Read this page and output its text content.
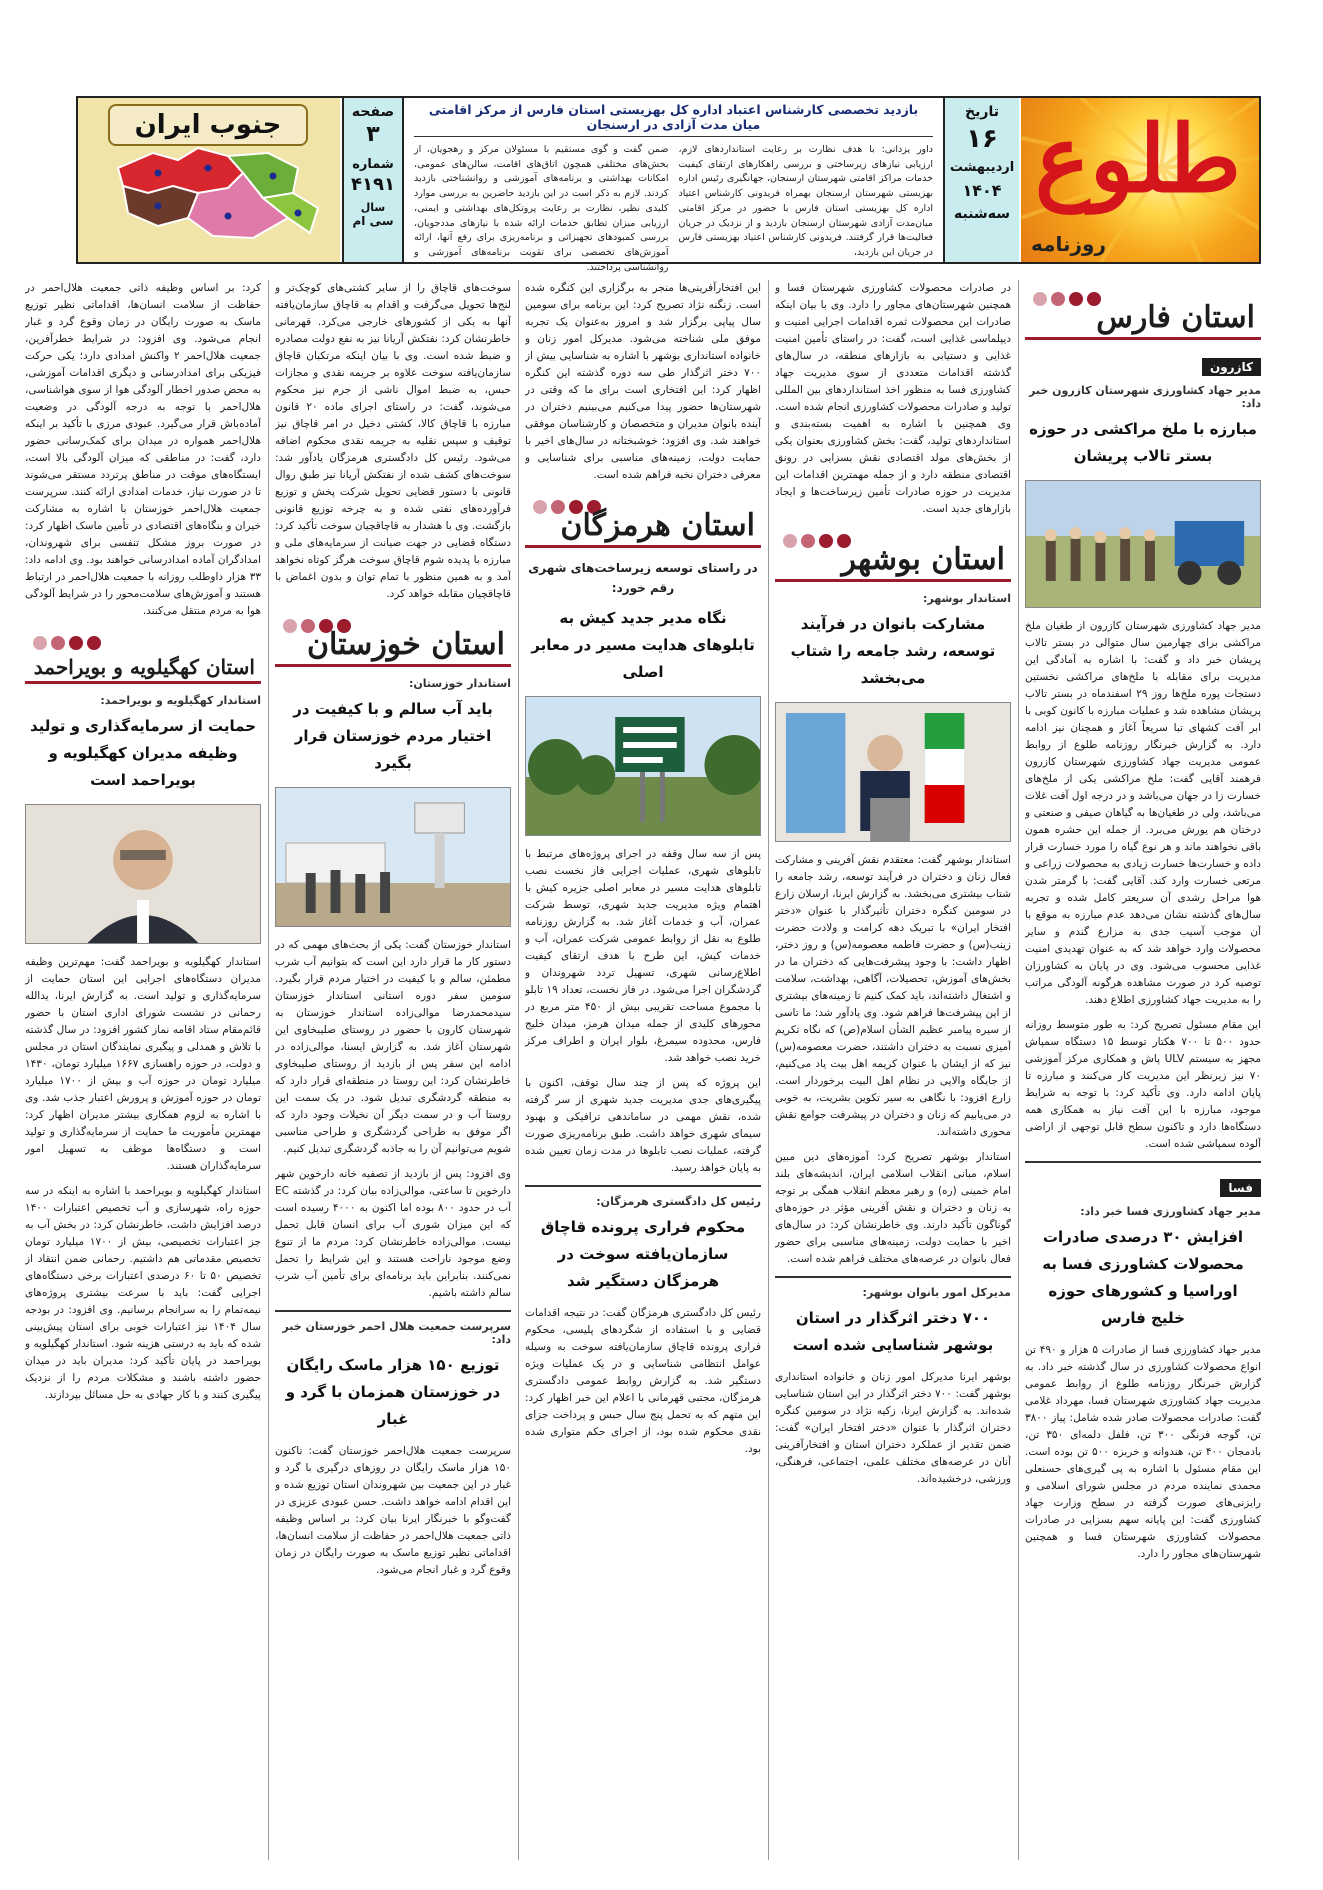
طلوع
روزنامه
تاریخ
۱۶
اردیبهشت
۱۴۰۴
سه‌شنبه
بازدید تخصصی کارشناس اعتباد اداره کل بهزیستی استان فارس از مرکز اقامتی میان مدت آزادی در ارسنجان
داور یزدانی: با هدف نظارت بر رعایت استانداردهای لازم، ارزیابی نیازهای زیرساختی و بررسی راهکارهای ارتقای کیفیت خدمات مراکز اقامتی شهرستان ارسنجان، جهانگیری رئیس اداره بهزیستی شهرستان ارسنجان بهمراه فریدونی کارشناس اعتیاد اداره کل بهزیستی استان فارس با حضور در مرکز اقامتی میان‌مدت آزادی شهرستان ارسنجان بازدید و از نزدیک در جریان فعالیت‌ها قرار گرفتند. فریدونی کارشناس اعتیاد بهزیستی فارس در جریان این بازدید،
ضمن گفت و گوی مستقیم با مسئولان مرکز و رهجویان، از بخش‌های مختلفی همچون اتاق‌های اقامت، سالن‌های عمومی، امکانات بهداشتی و برنامه‌های آموزشی و روانشناختی بازدید کردند. لازم به ذکر است در این بازدید حاضرین به بررسی موارد کلیدی نظیر، نظارت بر رعایت پروتکل‌های بهداشتی و ایمنی، ارزیابی میزان تطابق خدمات ارائه شده با نیازهای مددجویان، بررسی کمبودهای تجهیزاتی و برنامه‌ریزی برای رفع آنها، ارائه آموزش‌های تخصصی برای تقویت برنامه‌های آموزشی و روانشناسی پرداختند.
صفحه
۳
شماره
۴۱۹۱
سال
سی ام
جنوب ایران
استان فارس
کازرون
مدیر جهاد کشاورزی شهرستان کازرون خبر داد:
مبارزه با ملخ مراکشی در حوزه بستر تالاب پریشان
مدیر جهاد کشاورزی شهرستان کازرون از طغیان ملخ مراکشی برای چهارمین سال متوالی در بستر تالاب پریشان خبر داد و گفت: با اشاره به آمادگی این مدیریت برای مقابله با ملخ‌های مراکشی نخستین دستجات پوره ملخ‌ها روز ۲۹ اسفندماه در بستر تالاب پریشان مشاهده شد و عملیات مبارزه با کانون کوبی با ابر آفت کشهای تبا سریعاً آغاز و همچنان نیز ادامه دارد. به گزارش خبرنگار روزنامه طلوع از روابط عمومی مدیریت جهاد کشاورزی شهرستان کازرون فرهمند آقایی گفت: ملخ مراکشی یکی از ملخ‌های خسارت زا در جهان می‌باشد و در درجه اول آفت غلات می‌باشد، ولی در طغیان‌ها به گیاهان صیفی و صنعتی و درختان هم یورش می‌برد. از جمله این حشره همون باقی نخواهند ماند و هر نوع گیاه را مورد خسارت قرار داده و خسارت‌ها خسارت زیادی به محصولات زراعی و مرتعی خسارت وارد کند. آقایی گفت: با گرمتر شدن هوا مراحل رشدی آن سریعتر کامل شده و تجربه سال‌های گذشته نشان می‌دهد عدم مبارزه به موقع با آن موجب آسیب جدی به مزارع گندم و سایر محصولات وارد خواهد شد که به عنوان تهدیدی امنیت غذایی محسوب می‌شود. وی در پایان به کشاورزان توصیه کرد در صورت مشاهده هرگونه آلودگی مراتب را به مدیریت جهاد کشاورزی اطلاع دهند.
این مقام مسئول تصریح کرد: به طور متوسط روزانه حدود ۵۰۰ تا ۷۰۰ هکتار توسط ۱۵ دستگاه سمپاش مجهز به سیستم ULV پاش و همکاری مرکز آموزشی ۷۰ نیز زیرنظر این مدیریت کار می‌کنند و مبارزه تا پایان ادامه دارد. وی تأکید کرد: با توجه به شرایط موجود، مبارزه با این آفت نیاز به همکاری همه دستگاه‌ها دارد و تاکنون سطح قابل توجهی از اراضی آلوده سمپاشی شده است.
فسا
مدیر جهاد کشاورزی فسا خبر داد:
افزایش ۳۰ درصدی صادرات محصولات کشاورزی فسا به اوراسیا و کشورهای حوزه خلیج فارس
مدیر جهاد کشاورزی فسا از صادرات ۵ هزار و ۴۹۰ تن انواع محصولات کشاورزی در سال گذشته خبر داد. به گزارش خبرنگار روزنامه طلوع از روابط عمومی مدیریت جهاد کشاورزی شهرستان فسا، مهرداد غلامی گفت: صادرات محصولات صادر شده شامل: پیاز ۳۸۰۰ تن، گوجه فرنگی ۳۰۰ تن، فلفل دلمه‌ای ۳۵۰ تن، بادمجان ۴۰۰ تن، هندوانه و خربزه ۵۰۰ تن بوده است. این مقام مسئول با اشاره به پی گیری‌های حسنعلی محمدی نماینده مردم در مجلس شورای اسلامی و رایزنی‌های صورت گرفته در سطح وزارت جهاد کشاورزی گفت: این پایانه سهم بسزایی در صادرات محصولات کشاورزی شهرستان فسا و همچنین شهرستان‌های مجاور را دارد.
در صادرات محصولات کشاورزی شهرستان فسا و همچنین شهرستان‌های مجاور را دارد. وی با بیان اینکه صادرات این محصولات ثمره اقدامات اجرایی امنیت و دیپلماسی غذایی است، گفت: در راستای تأمین امنیت غذایی و دستیابی به بازارهای منطقه، در سال‌های گذشته اقدامات متعددی از سوی مدیریت جهاد کشاورزی فسا به منظور اخذ استانداردهای بین المللی تولید و صادرات محصولات کشاورزی انجام شده است. وی همچنین با اشاره به اهمیت بسته‌بندی و استانداردهای تولید، گفت: بخش کشاورزی بعنوان یکی از بخش‌های مولد اقتصادی نقش بسزایی در رونق اقتصادی منطقه دارد و از جمله مهمترین اقدامات این مدیریت در حوزه صادرات تأمین زیرساخت‌ها و ایجاد بازارهای جدید است.
استان بوشهر
استاندار بوشهر:
مشارکت بانوان در فرآیند توسعه، رشد جامعه را شتاب می‌بخشد
استاندار بوشهر گفت: معتقدم نقش آفرینی و مشارکت فعال زنان و دختران در فرآیند توسعه، رشد جامعه را شتاب بیشتری می‌بخشد. به گزارش ایرنا، ارسلان زارع در سومین کنگره دختران تأثیرگذار با عنوان «دختر افتخار ایران» با تبریک دهه کرامت و ولادت حضرت زینب(س) و حضرت فاطمه معصومه(س) و روز دختر، اظهار داشت: با وجود پیشرفت‌هایی که دختران ما در بخش‌های آموزش، تحصیلات، آگاهی، بهداشت، سلامت و اشتغال داشته‌اند، باید کمک کنیم تا زمینه‌های بیشتری از این پیشرفت‌ها فراهم شود. وی یادآور شد: ما تاسی از سیره پیامبر عظیم الشأن اسلام(ص) که نگاه تکریم آمیزی نسبت به دختران داشتند، حضرت معصومه(س) نیز که از ایشان با عنوان کریمه اهل بیت یاد می‌کنیم، از جایگاه والایی در نظام اهل البیت برخوردار است. زارع افزود: با نگاهی به سیر تکوین بشریت، به خوبی در می‌یابیم که زنان و دختران در پیشرفت جوامع نقش محوری داشته‌اند.
استاندار بوشهر تصریح کرد: آموزه‌های دین مبین اسلام، مبانی انقلاب اسلامی ایران، اندیشه‌های بلند امام خمینی (ره) و رهبر معظم انقلاب همگی بر توجه به زنان و دختران و نقش آفرینی مؤثر در حوزه‌های گوناگون تأکید دارند. وی خاطرنشان کرد: در سال‌های اخیر با حمایت دولت، زمینه‌های مناسبی برای حضور فعال بانوان در عرصه‌های مختلف فراهم شده است.
مدیرکل امور بانوان بوشهر:
۷۰۰ دختر اثرگذار در استان بوشهر شناسایی شده است
بوشهر ایرنا مدیرکل امور زنان و خانواده استانداری بوشهر گفت: ۷۰۰ دختر اثرگذار در این استان شناسایی شده‌اند. به گزارش ایرنا، زکیه نژاد در سومین کنگره دختران اثرگذار با عنوان «دختر افتخار ایران» گفت: ضمن تقدیر از عملکرد دختران استان و افتخارآفرینی آنان در عرصه‌های مختلف علمی، اجتماعی، فرهنگی، ورزشی، درخشیده‌اند.
این افتخارآفرینی‌ها منجر به برگزاری این کنگره شده است. زنگنه نژاد تصریح کرد: این برنامه برای سومین سال پیاپی برگزار شد و امروز به‌عنوان یک تجربه موفق ملی شناخته می‌شود. مدیرکل امور زنان و خانواده استانداری بوشهر با اشاره به شناسایی بیش از ۷۰۰ دختر اثرگذار طی سه دوره گذشته این کنگره اظهار کرد: این افتخاری است برای ما که وقتی در شهرستان‌ها حضور پیدا می‌کنیم می‌بینیم دختران در آینده بانوان مدیران و متخصصان و کارشناسان موفقی خواهند شد. وی افزود: خوشبختانه در سال‌های اخیر با حمایت دولت، زمینه‌های مناسبی برای شناسایی و معرفی دختران نخبه فراهم شده است.
استان هرمزگان
در راستای توسعه زیرساخت‌های شهری رقم خورد:
نگاه مدیر جدید کیش به تابلوهای هدایت مسیر در معابر اصلی
پس از سه سال وقفه در اجرای پروژه‌های مرتبط با تابلوهای شهری، عملیات اجرایی فاز نخست نصب تابلوهای هدایت مسیر در معابر اصلی جزیره کیش با اهتمام ویژه مدیریت جدید شهری، توسط شرکت عمران، آب و خدمات آغاز شد. به گزارش روزنامه طلوع به نقل از روابط عمومی شرکت عمران، آب و خدمات کیش، این طرح با هدف ارتقای کیفیت اطلاع‌رسانی شهری، تسهیل تردد شهروندان و گردشگران اجرا می‌شود. در فاز نخست، تعداد ۱۹ تابلو با مجموع مساحت تقریبی بیش از ۴۵۰ متر مربع در محورهای کلیدی از جمله میدان هرمز، میدان خلیج فارس، محدوده سیمرغ، بلوار ایران و اطراف مرکز خرید نصب خواهد شد.
این پروژه که پس از چند سال توقف، اکنون با پیگیری‌های جدی مدیریت جدید شهری از سر گرفته شده، نقش مهمی در ساماندهی ترافیکی و بهبود سیمای شهری خواهد داشت. طبق برنامه‌ریزی صورت گرفته، عملیات نصب تابلوها در مدت زمان تعیین شده به پایان خواهد رسید.
رئیس کل دادگستری هرمزگان:
محکوم فراری پرونده قاچاق سازمان‌یافته سوخت در هرمزگان دستگیر شد
رئیس کل دادگستری هرمزگان گفت: در نتیجه اقدامات قضایی و با استفاده از شگردهای پلیسی، محکوم فراری پرونده قاچاق سازمان‌یافته سوخت به وسیله عوامل انتظامی شناسایی و در یک عملیات ویژه دستگیر شد. به گزارش روابط عمومی دادگستری هرمزگان، مجتبی قهرمانی با اعلام این خبر اظهار کرد: این متهم که به تحمل پنج سال حبس و پرداخت جزای نقدی محکوم شده بود، از اجرای حکم متواری شده بود.
سوخت‌های قاچاق را از سایر کشتی‌های کوچک‌تر و لنج‌ها تحویل می‌گرفت و اقدام به قاچاق سازمان‌یافته آنها به یکی از کشورهای خارجی می‌کرد. قهرمانی خاطرنشان کرد: نفتکش آریانا نیز به نفع دولت مصادره و ضبط شده است. وی با بیان اینکه مرتکبان قاچاق سازمان‌یافته سوخت علاوه بر جریمه نقدی و مجازات حبس، به ضبط اموال ناشی از جرم نیز محکوم می‌شوند، گفت: در راستای اجرای ماده ۲۰ قانون مبارزه با قاچاق کالا، کشتی دخیل در امر قاچاق نیز توقیف و سپس نقلیه به جریمه نقدی محکوم اضافه می‌شود. رئیس کل دادگستری هرمزگان یادآور شد: سوخت‌های کشف شده از نفتکش آریانا نیز طبق روال قانونی با دستور قضایی تحویل شرکت پخش و توزیع فرآورده‌های نفتی شده و به چرخه توزیع قانونی بازگشت. وی با هشدار به قاچاقچیان سوخت تأکید کرد: دستگاه قضایی در جهت صیانت از سرمایه‌های ملی و مبارزه با پدیده شوم قاچاق سوخت هرگز کوتاه نخواهد آمد و به همین منظور با تمام توان و بدون اغماض با قاچاقچیان مقابله خواهد کرد.
استان خوزستان
استاندار خوزستان:
باید آب سالم و با کیفیت در اختیار مردم خوزستان قرار بگیرد
استاندار خوزستان گفت: یکی از بحث‌های مهمی که در دستور کار ما قرار دارد این است که بتوانیم آب شرب مطمئن، سالم و با کیفیت در اختیار مردم قرار بگیرد. سومین سفر دوره استانی استاندار خوزستان سید‌محمدرضا موالی‌زاده استاندار خوزستان به شهرستان کارون با حضور در روستای صلیبخاوی این شهرستان آغاز شد. به گزارش ایسنا، موالی‌زاده در ادامه این سفر پس از بازدید از روستای صلیبخاوی خاطرنشان کرد: این روستا در منطقه‌ای قرار دارد که به منطقه گردشگری تبدیل شود. در یک سمت این روستا آب و در سمت دیگر آن نخیلات وجود دارد که اگر موفق به طراحی گردشگری و طراحی مناسبی شویم می‌توانیم آن را به جاذبه گردشگری تبدیل کنیم.
وی افزود: پس از بازدید از تصفیه خانه دارخوین شهر دارخوین تا ساعتی، موالی‌زاده بیان کرد: در گذشته EC آب در حدود ۸۰۰ بوده اما اکنون به ۴۰۰۰ رسیده است که این میزان شوری آب برای انسان قابل تحمل نیست. موالی‌زاده خاطرنشان کرد: مردم ما از تنوع وضع موجود ناراحت هستند و این شرایط را تحمل نمی‌کنند. بنابراین باید برنامه‌ای برای تأمین آب شرب سالم داشته باشیم.
سرپرست جمعیت هلال احمر خوزستان خبر داد:
توزیع ۱۵۰ هزار ماسک رایگان در خوزستان همزمان با گرد و غبار
سرپرست جمعیت هلال‌احمر خوزستان گفت: تاکنون ۱۵۰ هزار ماسک رایگان در روزهای درگیری با گرد و غبار در این جمعیت بین شهروندان استان توزیع شده و این اقدام ادامه خواهد داشت. حسن عبودی عزیزی در گفت‌وگو با خبرنگار ایرنا بیان کرد: بر اساس وظیفه ذاتی جمعیت هلال‌احمر در حفاظت از سلامت انسان‌ها، اقداماتی نظیر توزیع ماسک به صورت رایگان در زمان وقوع گرد و غبار انجام می‌شود.
کرد: بر اساس وظیفه ذاتی جمعیت هلال‌احمر در حفاظت از سلامت انسان‌ها، اقداماتی نظیر توزیع ماسک به صورت رایگان در زمان وقوع گرد و غبار انجام می‌شود. وی افزود: در شرایط خطرآفرین، جمعیت هلال‌احمر ۲ واکنش امدادی دارد؛ یکی حرکت فیزیکی برای امدادرسانی و دیگری اقدامات آموزشی، به محض صدور اخطار آلودگی هوا از سوی هواشناسی، هلال‌احمر با توجه به درجه آلودگی در وضعیت آماده‌باش قرار می‌گیرد. عبودی مرزی با تأکید بر اینکه هلال‌احمر همواره در میدان برای کمک‌رسانی حضور دارد، گفت: در مناطقی که میزان آلودگی بالا است، ایستگاه‌های موقت در مناطق پرتردد مستقر می‌شوند تا در صورت نیاز، خدمات امدادی ارائه کنند. سرپرست جمعیت هلال‌احمر خوزستان با اشاره به مشارکت خیران و بنگاه‌های اقتصادی در تأمین ماسک اظهار کرد: در صورت بروز مشکل تنفسی برای شهروندان، امدادگران آماده امدادرسانی خواهند بود. وی ادامه داد: ۳۳ هزار داوطلب روزانه با جمعیت هلال‌احمر در ارتباط هستند و آموزش‌های سلامت‌محور را در شرایط آلودگی هوا به مردم منتقل می‌کنند.
استان کهگیلویه و بویراحمد
استاندار کهگیلویه و بویراحمد:
حمایت از سرمایه‌گذاری و تولید وظیفه مدیران کهگیلویه و بویراحمد است
استاندار کهگیلویه و بویراحمد گفت: مهم‌ترین وظیفه مدیران دستگاه‌های اجرایی این استان حمایت از سرمایه‌گذاری و تولید است. به گزارش ایرنا، یدالله رحمانی در نشست شورای اداری استان با حضور قائم‌مقام ستاد اقامه نماز کشور افزود: در سال گذشته با تلاش و همدلی و پیگیری نمایندگان استان در مجلس و دولت، در حوزه راهسازی ۱۶۶۷ میلیارد تومان، ۱۴۳۰ میلیارد تومان در حوزه آب و بیش از ۱۷۰۰ میلیارد تومان در حوزه آموزش و پرورش اعتبار جذب شد. وی با اشاره به لزوم همکاری بیشتر مدیران اظهار کرد: مهمترین مأموریت ما حمایت از سرمایه‌گذاری و تولید است و دستگاه‌ها موظف به تسهیل امور سرمایه‌گذاران هستند.
استاندار کهگیلویه و بویراحمد با اشاره به اینکه در سه حوزه راه، شهرسازی و آب تخصیص اعتبارات ۱۴۰۰ درصد افزایش داشت، خاطرنشان کرد: در بخش آب به جز اعتبارات تخصیصی، بیش از ۱۷۰۰ میلیارد تومان تخصیص مقدماتی هم داشتیم. رحمانی ضمن انتقاد از تخصیص ۵۰ تا ۶۰ درصدی اعتبارات برخی دستگاه‌های اجرایی گفت: باید با سرعت بیشتری پروژه‌های نیمه‌تمام را به سرانجام برسانیم. وی افزود: در بودجه سال ۱۴۰۴ نیز اعتبارات خوبی برای استان پیش‌بینی شده که باید به درستی هزینه شود. استاندار کهگیلویه و بویراحمد در پایان تأکید کرد: مدیران باید در میدان حضور داشته باشند و مشکلات مردم را از نزدیک پیگیری کنند و با کار جهادی به حل مسائل بپردازند.
